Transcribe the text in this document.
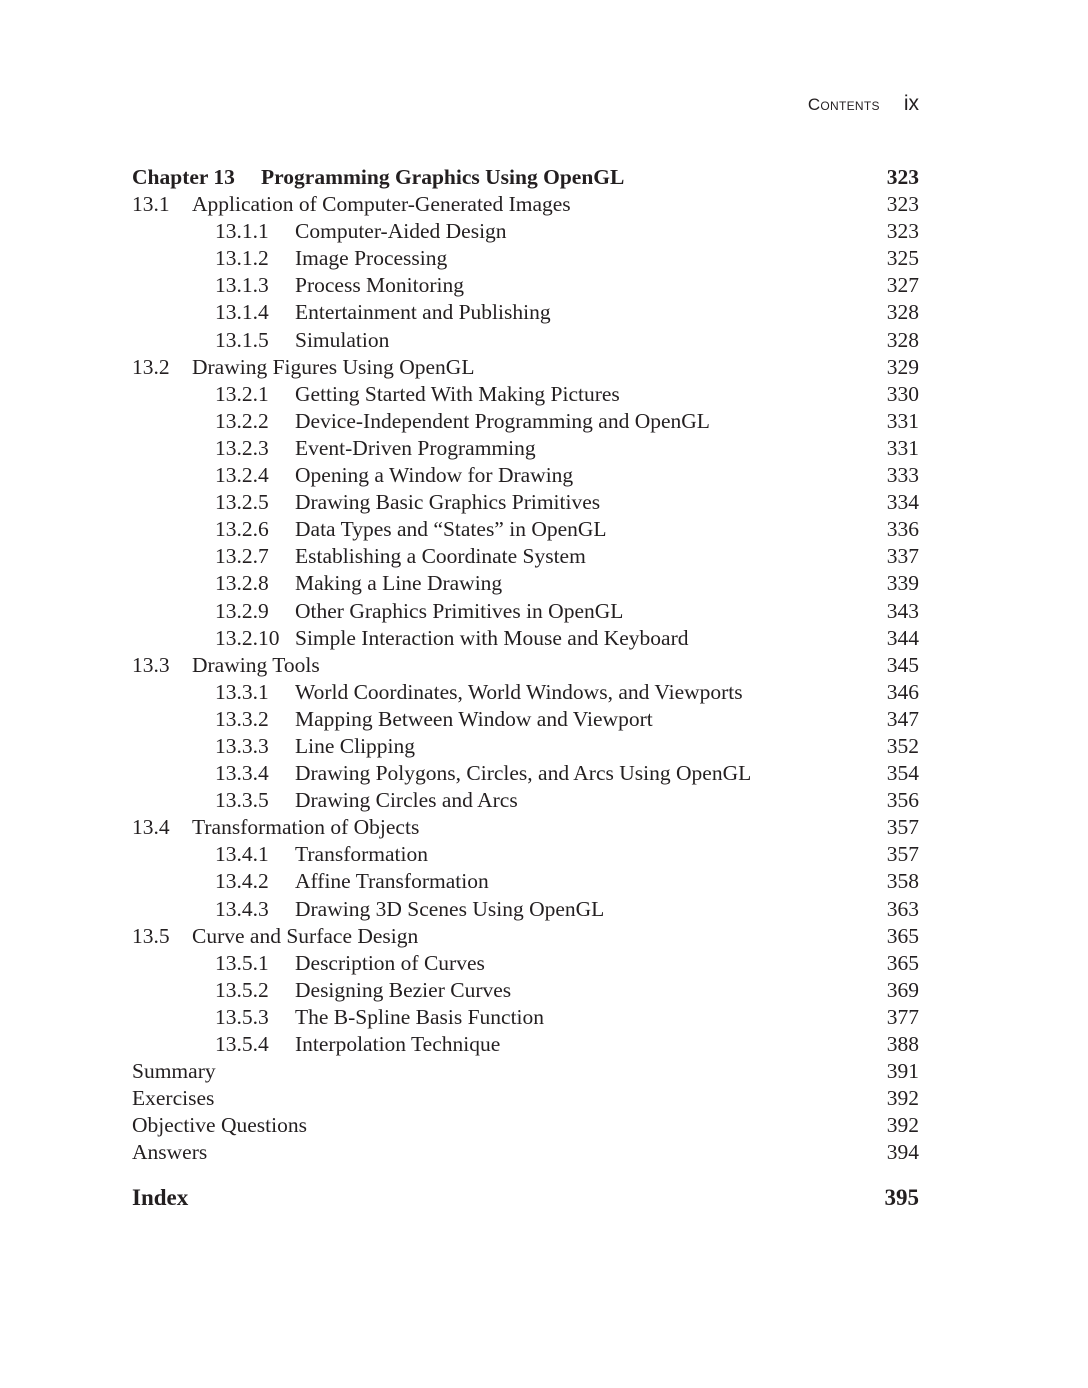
Contents ix
Chapter 13 Programming Graphics Using OpenGL	323
13.1 Application of Computer-Generated Images	323
13.1.1 Computer-Aided Design	323
13.1.2 Image Processing	325
13.1.3 Process Monitoring	327
13.1.4 Entertainment and Publishing	328
13.1.5 Simulation	328
13.2 Drawing Figures Using OpenGL	329
13.2.1 Getting Started With Making Pictures	330
13.2.2 Device-Independent Programming and OpenGL	331
13.2.3 Event-Driven Programming	331
13.2.4 Opening a Window for Drawing	333
13.2.5 Drawing Basic Graphics Primitives	334
13.2.6 Data Types and “States” in OpenGL	336
13.2.7 Establishing a Coordinate System	337
13.2.8 Making a Line Drawing	339
13.2.9 Other Graphics Primitives in OpenGL	343
13.2.10 Simple Interaction with Mouse and Keyboard	344
13.3 Drawing Tools	345
13.3.1 World Coordinates, World Windows, and Viewports	346
13.3.2 Mapping Between Window and Viewport	347
13.3.3 Line Clipping	352
13.3.4 Drawing Polygons, Circles, and Arcs Using OpenGL	354
13.3.5 Drawing Circles and Arcs	356
13.4 Transformation of Objects	357
13.4.1 Transformation	357
13.4.2 Affine Transformation	358
13.4.3 Drawing 3D Scenes Using OpenGL	363
13.5 Curve and Surface Design	365
13.5.1 Description of Curves	365
13.5.2 Designing Bezier Curves	369
13.5.3 The B-Spline Basis Function	377
13.5.4 Interpolation Technique	388
Summary	391
Exercises	392
Objective Questions	392
Answers	394
Index	395
